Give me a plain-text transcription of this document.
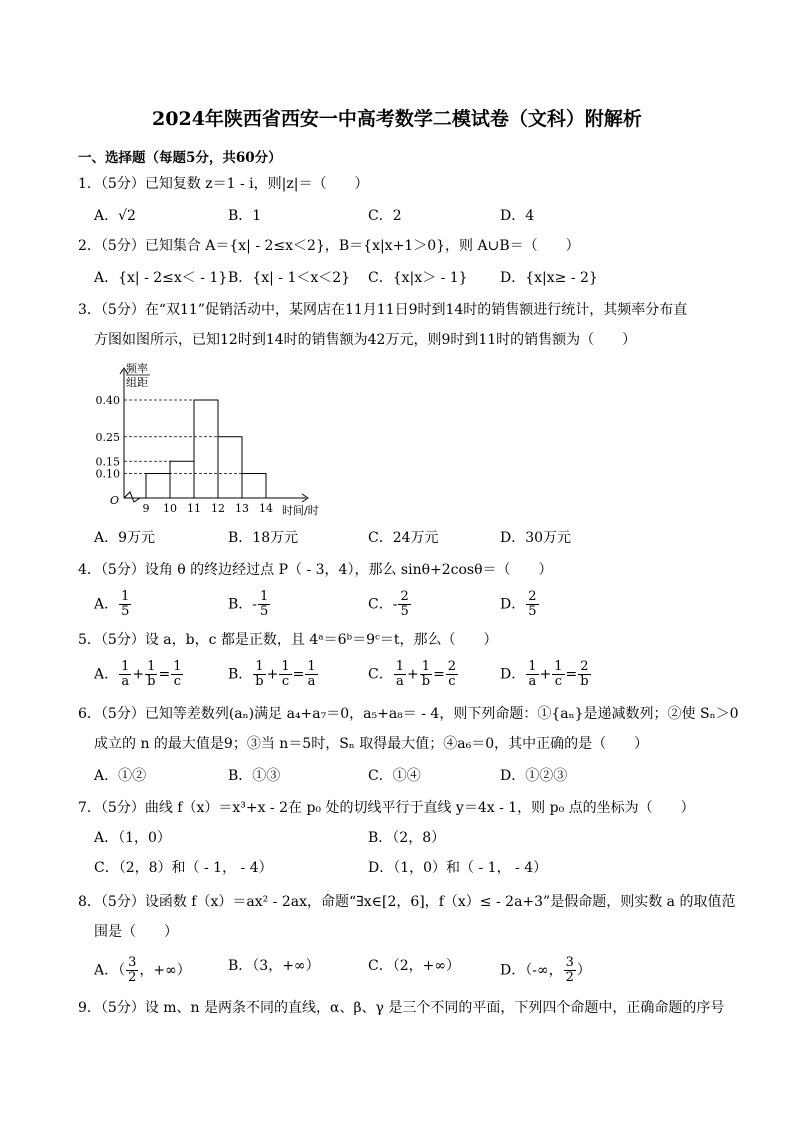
2024年陕西省西安一中高考数学二模试卷（文科）附解析
一、选择题（每题5分，共60分）
1．（5分）已知复数 z＝1 - i，则|z|＝（　　）
A．√2	B．1	C．2	D．4
2．（5分）已知集合 A＝{x| - 2≤x＜2}，B＝{x|x+1＞0}，则 A∪B＝（　　）
A．{x| - 2≤x＜ - 1} B．{x| - 1＜x＜2} C．{x|x＞ - 1} D．{x|x≥ - 2}
3．（5分）在“双11”促销活动中，某网店在11月11日9时到14时的销售额进行统计，其频率分布直
方图如图所示，已知12时到14时的销售额为42万元，则9时到11时的销售额为（　　）
0.10
0.15
0.25
0.40
9 10 11 12 13 14 时间/时
频率
组距
O
A．9万元	B．18万元	C．24万元	D．30万元
4．（5分）设角 θ 的终边经过点 P（ - 3，4），那么 sinθ+2cosθ＝（　　）
A． $\frac{1}{5}$	B．- $\frac{1}{5}$	C．- $\frac{2}{5}$	D． $\frac{2}{5}$
5．（5分）设 a，b，c 都是正数，且 4ᵃ＝6ᵇ＝9ᶜ＝t，那么（　　）
A． $\frac{1}{a} + \frac{1}{b} = \frac{1}{c}$	B． $\frac{1}{b} + \frac{1}{c} = \frac{1}{a}$	C． $\frac{1}{a} + \frac{1}{b} = \frac{2}{c}$	D． $\frac{1}{a} + \frac{1}{c} = \frac{2}{b}$
6．（5分）已知等差数列(aₙ)满足 a₄+a₇＝0，a₅+a₈＝ - 4，则下列命题：①{aₙ}是递减数列；②使 Sₙ＞0
成立的 n 的最大值是9；③当 n＝5时，Sₙ 取得最大值；④a₆＝0，其中正确的是（　　）
A．①②	B．①③	C．①④	D．①②③
7．（5分）曲线 f（x）＝x³+x - 2在 p₀ 处的切线平行于直线 y＝4x - 1，则 p₀ 点的坐标为（　　）
A．（1，0）	B．（2，8）
C．（2，8）和（ - 1， - 4）	D．（1，0）和（ - 1， - 4）
8．（5分）设函数 f（x）＝ax² - 2ax，命题“∃x∈[2，6]，f（x）≤ - 2a+3”是假命题，则实数 a 的取值范
围是（　　）
A．（ $\frac{3}{2}$ ，+∞）	B．（3，+∞）	C．（2，+∞）	D．（-∞， $\frac{3}{2}$ ）
9．（5分）设 m、n 是两条不同的直线，α、β、γ 是三个不同的平面，下列四个命题中，正确命题的序号
